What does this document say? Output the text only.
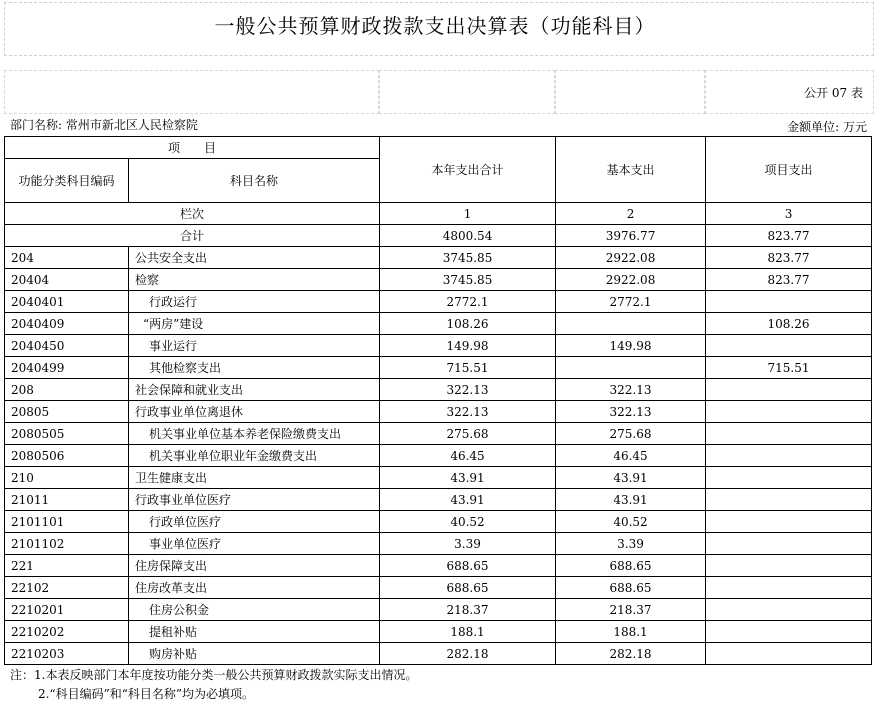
一般公共预算财政拨款支出决算表（功能科目）
公开 07 表
部门名称: 常州市新北区人民检察院	金额单位: 万元
项　　目		本年支出合计	基本支出	项目支出
功能分类科目编码	科目名称			
栏次		1	2	3
合计		4800.54	3976.77	823.77
204	公共安全支出	3745.85	2922.08	823.77
20404	检察	3745.85	2922.08	823.77
2040401	行政运行	2772.1	2772.1	
2040409	“两房”建设	108.26		108.26
2040450	事业运行	149.98	149.98	
2040499	其他检察支出	715.51		715.51
208	社会保障和就业支出	322.13	322.13	
20805	行政事业单位离退休	322.13	322.13	
2080505	机关事业单位基本养老保险缴费支出	275.68	275.68	
2080506	机关事业单位职业年金缴费支出	46.45	46.45	
210	卫生健康支出	43.91	43.91	
21011	行政事业单位医疗	43.91	43.91	
2101101	行政单位医疗	40.52	40.52	
2101102	事业单位医疗	3.39	3.39	
221	住房保障支出	688.65	688.65	
22102	住房改革支出	688.65	688.65	
2210201	住房公积金	218.37	218.37	
2210202	提租补贴	188.1	188.1	
2210203	购房补贴	282.18	282.18	
注：1.本表反映部门本年度按功能分类一般公共预算财政拨款实际支出情况。
2.“科目编码”和“科目名称”均为必填项。
